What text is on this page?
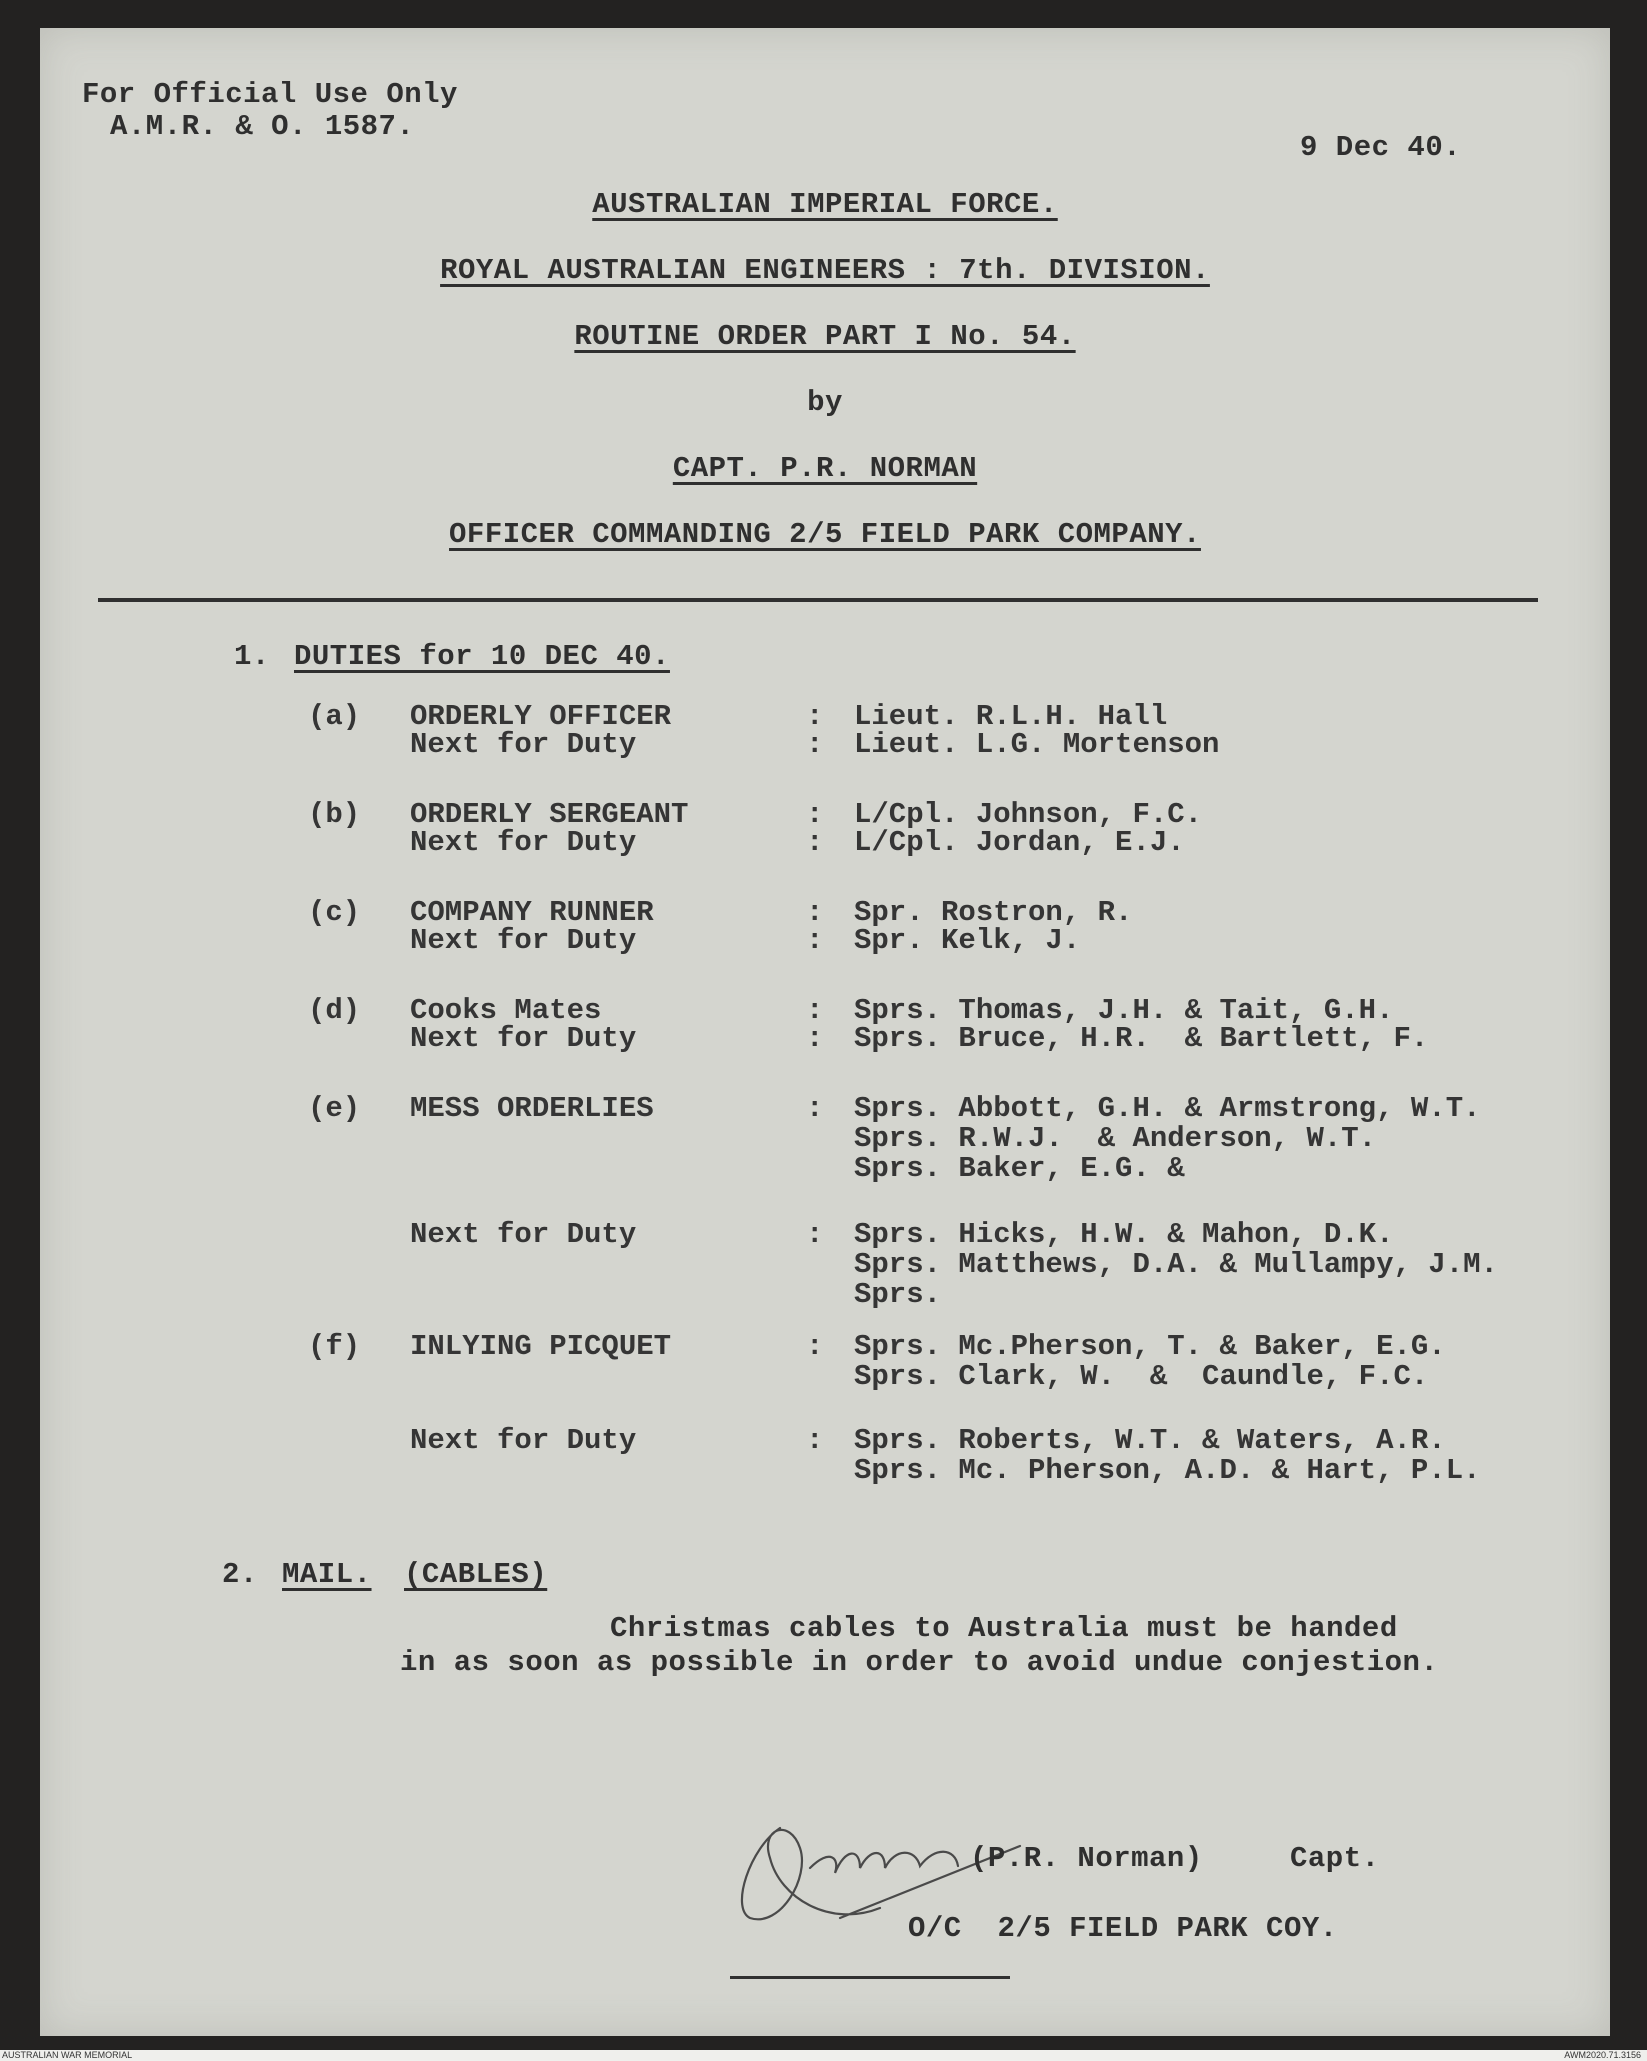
For Official Use Only
A.M.R. & O. 1587.
9 Dec 40.
AUSTRALIAN IMPERIAL FORCE.
ROYAL AUSTRALIAN ENGINEERS : 7th. DIVISION.
ROUTINE ORDER PART I No. 54.
by
CAPT. P.R. NORMAN
OFFICER COMMANDING 2/5 FIELD PARK COMPANY.
1. DUTIES for 10 DEC 40.
(a) ORDERLY OFFICER	: Lieut. R.L.H. Hall
Next for Duty	: Lieut. L.G. Mortenson
(b) ORDERLY SERGEANT	: L/Cpl. Johnson, F.C.
Next for Duty	: L/Cpl. Jordan, E.J.
(c) COMPANY RUNNER	: Spr. Rostron, R.
Next for Duty	: Spr. Kelk, J.
(d) Cooks Mates	: Sprs. Thomas, J.H. & Tait, G.H.
Next for Duty	: Sprs. Bruce, H.R.  & Bartlett, F.
(e) MESS ORDERLIES	: Sprs. Abbott, G.H. & Armstrong, W.T.
Sprs. R.W.J.  & Anderson, W.T.
Sprs. Baker, E.G. &
Next for Duty	: Sprs. Hicks, H.W. & Mahon, D.K.
Sprs. Matthews, D.A. & Mullampy, J.M.
Sprs.
(f) INLYING PICQUET	: Sprs. Mc.Pherson, T. & Baker, E.G.
Sprs. Clark, W.  &  Caundle, F.C.
Next for Duty	: Sprs. Roberts, W.T. & Waters, A.R.
Sprs. Mc. Pherson, A.D. & Hart, P.L.
2. MAIL. (CABLES)
Christmas cables to Australia must be handed
in as soon as possible in order to avoid undue conjestion.
(P.R. Norman)	Capt.
O/C  2/5 FIELD PARK COY.
AUSTRALIAN WAR MEMORIAL	AWM2020.71.3156
